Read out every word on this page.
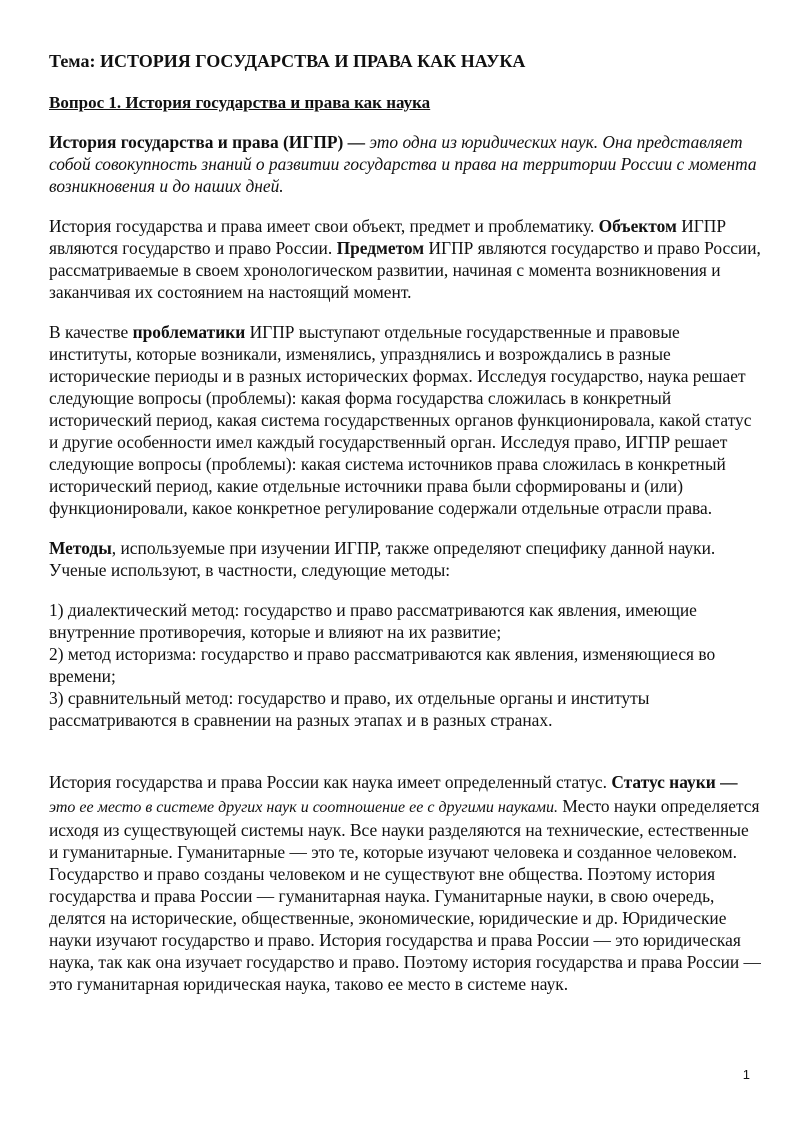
Тема: ИСТОРИЯ ГОСУДАРСТВА И ПРАВА КАК НАУКА
Вопрос 1. История государства и права как наука

История государства и права (ИГПР) — это одна из юридических наук. Она представляет собой совокупность знаний о развитии государства и права на территории России с момента возникновения и до наших дней.

История государства и права имеет свои объект, предмет и проблематику. Объектом ИГПР являются государство и право России. Предметом ИГПР являются государство и право России, рассматриваемые в своем хронологическом развитии, начиная с момента возникновения и заканчивая их состоянием на настоящий момент.

В качестве проблематики ИГПР выступают отдельные государственные и правовые институты, которые возникали, изменялись, упразднялись и возрождались в разные исторические периоды и в разных исторических формах. Исследуя государство, наука решает следующие вопросы (проблемы): какая форма государства сложилась в конкретный исторический период, какая система государственных органов функционировала, какой статус и другие особенности имел каждый государственный орган. Исследуя право, ИГПР решает следующие вопросы (проблемы): какая система источников права сложилась в конкретный исторический период, какие отдельные источники права были сформированы и (или) функционировали, какое конкретное регулирование содержали отдельные отрасли права.

Методы, используемые при изучении ИГПР, также определяют специфику данной науки. Ученые используют, в частности, следующие методы:

1) диалектический метод: государство и право рассматриваются как явления, имеющие внутренние противоречия, которые и влияют на их развитие;
2) метод историзма: государство и право рассматриваются как явления, изменяющиеся во времени;
3) сравнительный метод: государство и право, их отдельные органы и институты рассматриваются в сравнении на разных этапах и в разных странах.

История государства и права России как наука имеет определенный статус. Статус науки — это ее место в системе других наук и соотношение ее с другими науками. Место науки определяется исходя из существующей системы наук. Все науки разделяются на технические, естественные и гуманитарные. Гуманитарные — это те, которые изучают человека и созданное человеком. Государство и право созданы человеком и не существуют вне общества. Поэтому история государства и права России — гуманитарная наука. Гуманитарные науки, в свою очередь, делятся на исторические, общественные, экономические, юридические и др. Юридические науки изучают государство и право. История государства и права России — это юридическая наука, так как она изучает государство и право. Поэтому история государства и права России — это гуманитарная юридическая наука, таково ее место в системе наук.

1
